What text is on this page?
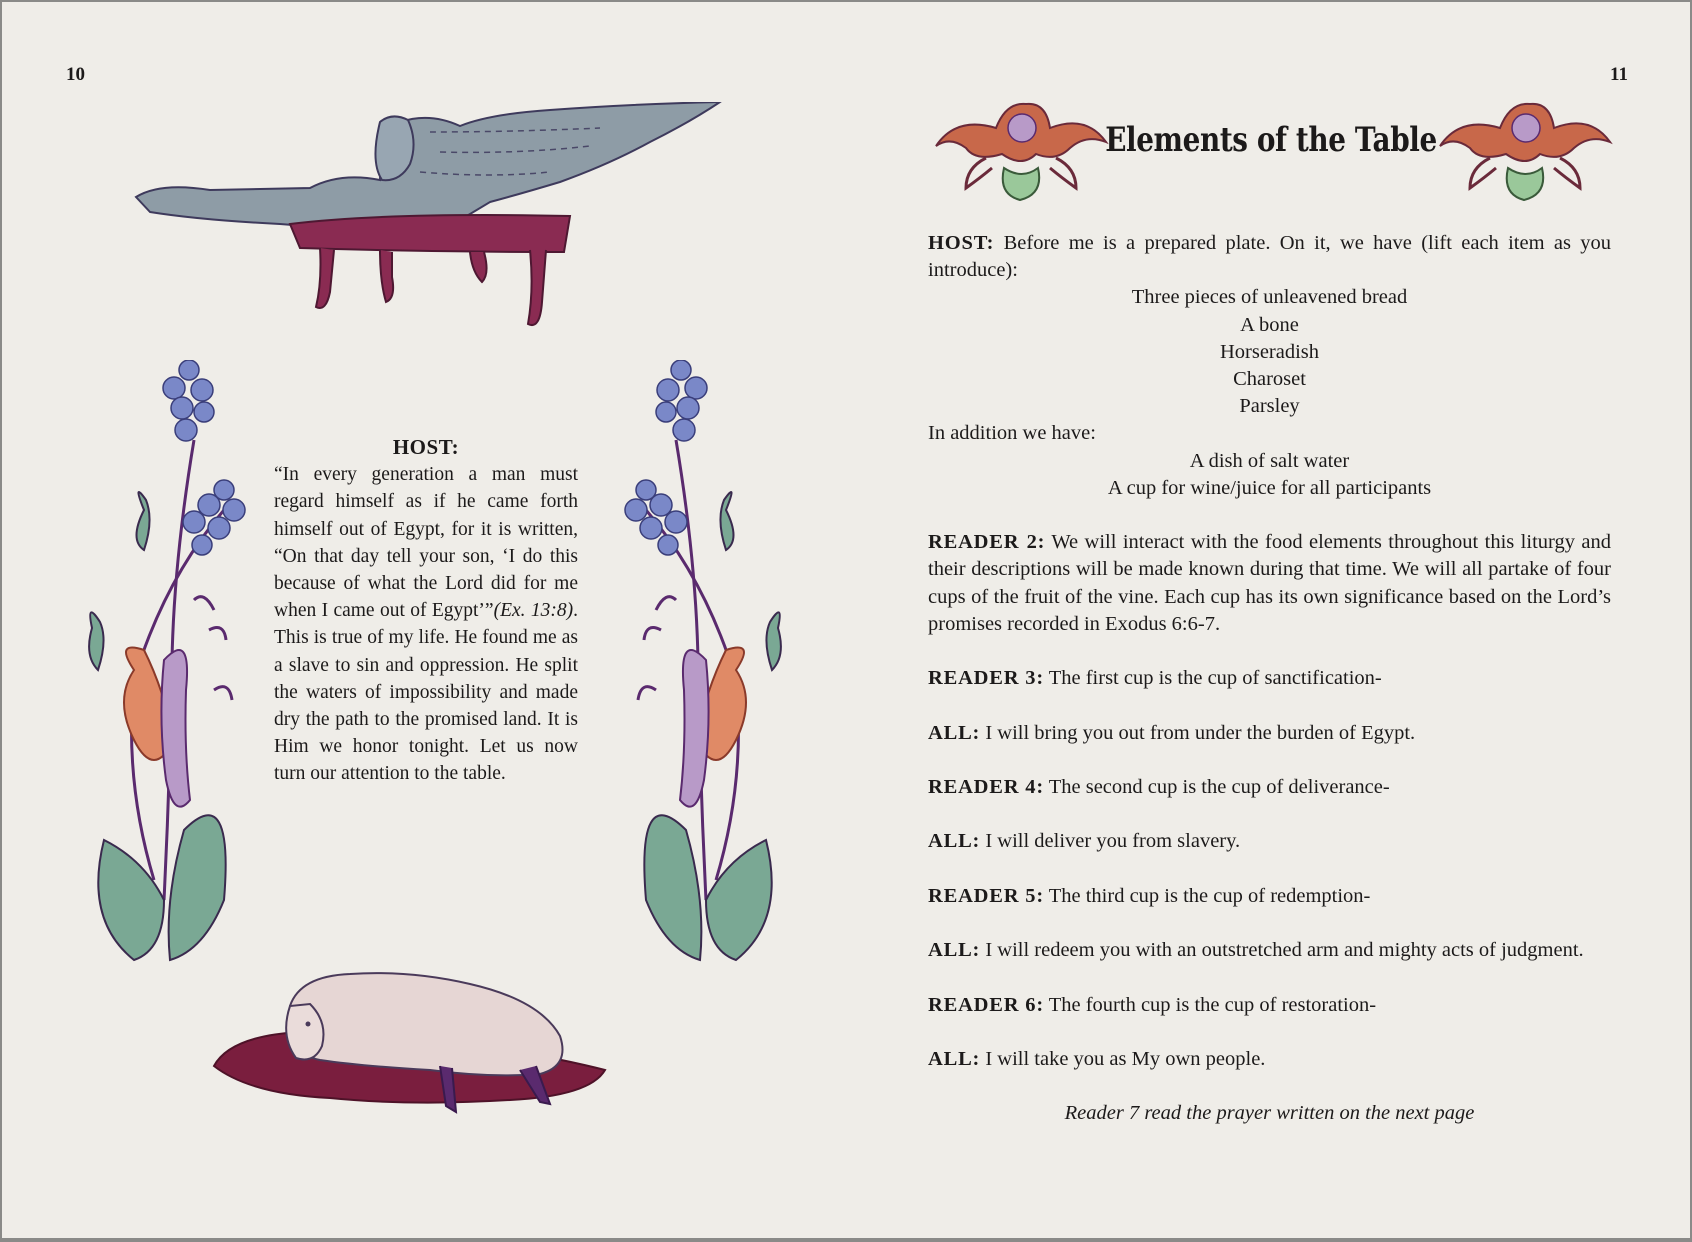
10
HOST:
“In every generation a man must regard himself as if he came forth himself out of Egypt, for it is written, “On that day tell your son, ‘I do this because of what the Lord did for me when I came out of Egypt’”(Ex. 13:8). This is true of my life. He found me as a slave to sin and oppression. He split the waters of impossibility and made dry the path to the promised land. It is Him we honor tonight. Let us now turn our attention to the table.
11
Elements of the Table

HOST: Before me is a prepared plate. On it, we have (lift each item as you introduce):

Three pieces of unleavened bread
A bone
Horseradish
Charoset
Parsley

In addition we have:

A dish of salt water
A cup for wine/juice for all participants

READER 2: We will interact with the food elements throughout this liturgy and their descriptions will be made known during that time. We will all partake of four cups of the fruit of the vine. Each cup has its own significance based on the Lord’s promises recorded in Exodus 6:6-7.

READER 3: The first cup is the cup of sanctification-

ALL: I will bring you out from under the burden of Egypt.

READER 4: The second cup is the cup of deliverance-

ALL: I will deliver you from slavery.

READER 5: The third cup is the cup of redemption-

ALL: I will redeem you with an outstretched arm and mighty acts of judgment.

READER 6: The fourth cup is the cup of restoration-

ALL: I will take you as My own people.

Reader 7 read the prayer written on the next page
